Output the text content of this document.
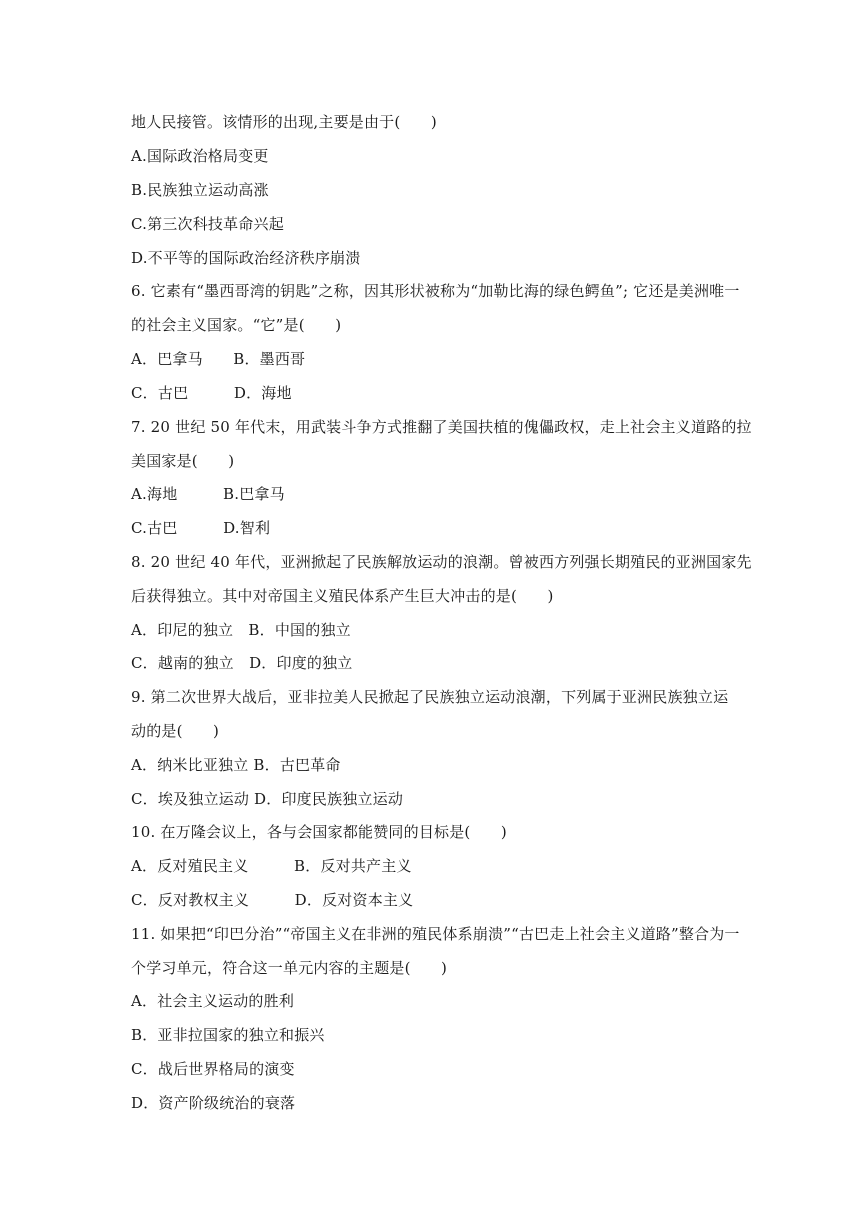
地人民接管。该情形的出现,主要是由于(　　)
A.国际政治格局变更
B.民族独立运动高涨
C.第三次科技革命兴起
D.不平等的国际政治经济秩序崩溃
6. 它素有“墨西哥湾的钥匙”之称，因其形状被称为“加勒比海的绿色鳄鱼”; 它还是美洲唯一
的社会主义国家。“它”是(　　)
A．巴拿马　　B．墨西哥
C．古巴　　　D．海地
7. 20 世纪 50 年代末，用武装斗争方式推翻了美国扶植的傀儡政权，走上社会主义道路的拉
美国家是(　　)
A.海地　　　B.巴拿马
C.古巴　　　D.智利
8. 20 世纪 40 年代，亚洲掀起了民族解放运动的浪潮。曾被西方列强长期殖民的亚洲国家先
后获得独立。其中对帝国主义殖民体系产生巨大冲击的是(　　)
A．印尼的独立　B．中国的独立
C．越南的独立　D．印度的独立
9. 第二次世界大战后，亚非拉美人民掀起了民族独立运动浪潮，下列属于亚洲民族独立运
动的是(　　)
A．纳米比亚独立 B．古巴革命
C．埃及独立运动 D．印度民族独立运动
10. 在万隆会议上，各与会国家都能赞同的目标是(　　)
A．反对殖民主义　　　B．反对共产主义
C．反对教权主义　　　D．反对资本主义
11. 如果把“印巴分治”“帝国主义在非洲的殖民体系崩溃”“古巴走上社会主义道路”整合为一
个学习单元，符合这一单元内容的主题是(　　)
A．社会主义运动的胜利
B．亚非拉国家的独立和振兴
C．战后世界格局的演变
D．资产阶级统治的衰落
